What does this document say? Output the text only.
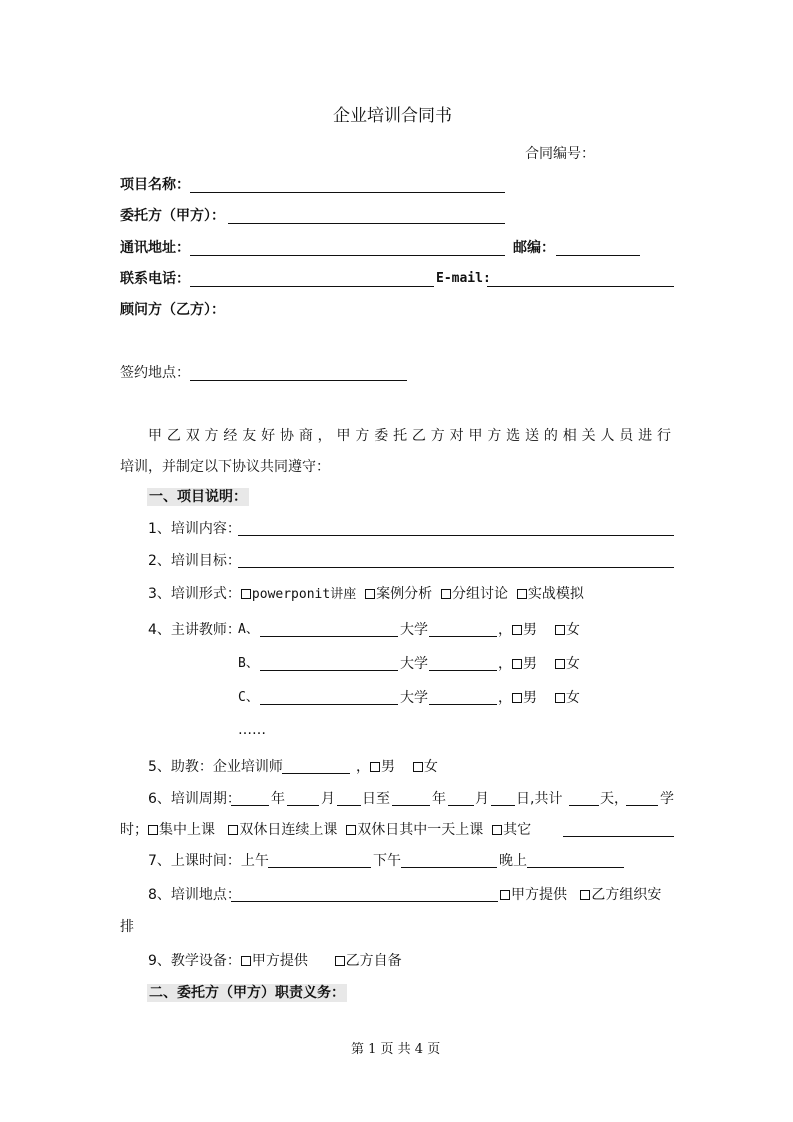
企业培训合同书
合同编号：
项目名称：
委托方（甲方）：
通讯地址：	邮编：
联系电话：	E-mail:
顾问方（乙方）：
签约地点：
甲乙双方经友好协商，甲方委托乙方对甲方选送的相关人员进行
培训，并制定以下协议共同遵守：
一、项目说明：
1、培训内容：
2、培训目标：
3、培训形式： powerponit讲座 案例分析 分组讨论 实战模拟
4、主讲教师：
A、	大学	， 男 女
B、	大学	， 男 女
C、	大学	， 男 女
……
5、助教：企业培训师	， 男 女
6、培训周期： 年	月 日至	年 月 日,共计	天， 学
时； 集中上课 双休日连续上课 双休日其中一天上课 其它
7、上课时间：上午	下午	晚上
8、培训地点：	甲方提供 乙方组织安
排
9、教学设备： 甲方提供	乙方自备
二、委托方（甲方）职责义务：
第 1 页 共 4 页
